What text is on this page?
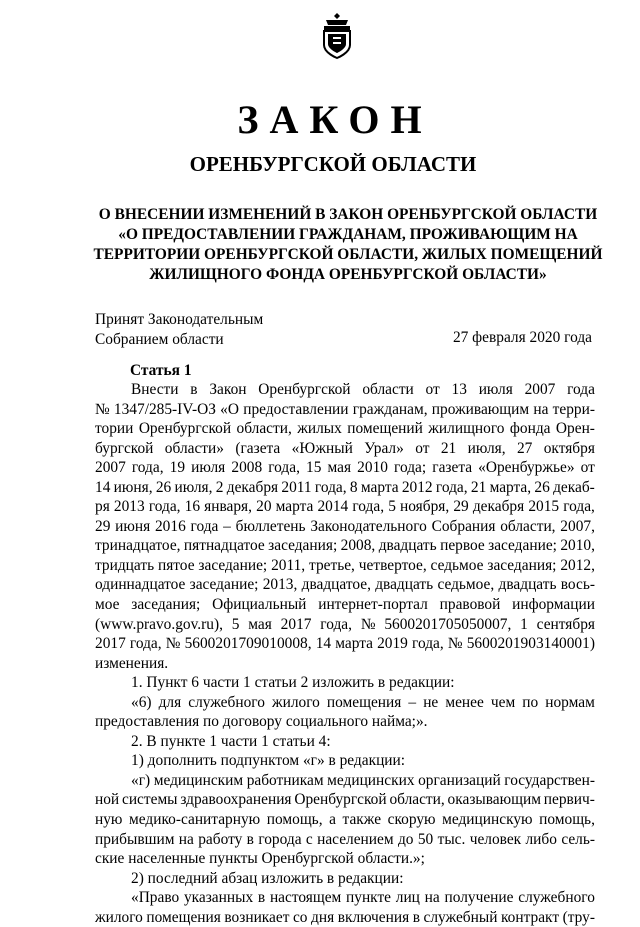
ЗАКОН
ОРЕНБУРГСКОЙ ОБЛАСТИ
О ВНЕСЕНИИ ИЗМЕНЕНИЙ В ЗАКОН ОРЕНБУРГСКОЙ ОБЛАСТИ
«О ПРЕДОСТАВЛЕНИИ ГРАЖДАНАМ, ПРОЖИВАЮЩИМ НА
ТЕРРИТОРИИ ОРЕНБУРГСКОЙ ОБЛАСТИ, ЖИЛЫХ ПОМЕЩЕНИЙ
ЖИЛИЩНОГО ФОНДА ОРЕНБУРГСКОЙ ОБЛАСТИ»
Принят Законодательным
Собранием области	27 февраля 2020 года
Статья 1
Внести в Закон Оренбургской области от 13 июля 2007 года
№ 1347/285-IV-ОЗ «О предоставлении гражданам, проживающим на терри-
тории Оренбургской области, жилых помещений жилищного фонда Орен-
бургской области» (газета «Южный Урал» от 21 июля, 27 октября
2007 года, 19 июля 2008 года, 15 мая 2010 года; газета «Оренбуржье» от
14 июня, 26 июля, 2 декабря 2011 года, 8 марта 2012 года, 21 марта, 26 декаб-
ря 2013 года, 16 января, 20 марта 2014 года, 5 ноября, 29 декабря 2015 года,
29 июня 2016 года – бюллетень Законодательного Собрания области, 2007,
тринадцатое, пятнадцатое заседания; 2008, двадцать первое заседание; 2010,
тридцать пятое заседание; 2011, третье, четвертое, седьмое заседания; 2012,
одиннадцатое заседание; 2013, двадцатое, двадцать седьмое, двадцать вось-
мое заседания; Официальный интернет-портал правовой информации
(www.pravo.gov.ru), 5 мая 2017 года, № 5600201705050007, 1 сентября
2017 года, № 5600201709010008, 14 марта 2019 года, № 5600201903140001)
изменения.
1. Пункт 6 части 1 статьи 2 изложить в редакции:
«6) для служебного жилого помещения – не менее чем по нормам
предоставления по договору социального найма;».
2. В пункте 1 части 1 статьи 4:
1) дополнить подпунктом «г» в редакции:
«г) медицинским работникам медицинских организаций государствен-
ной системы здравоохранения Оренбургской области, оказывающим первич-
ную медико-санитарную помощь, а также скорую медицинскую помощь,
прибывшим на работу в города с населением до 50 тыс. человек либо сель-
ские населенные пункты Оренбургской области.»;
2) последний абзац изложить в редакции:
«Право указанных в настоящем пункте лиц на получение служебного
жилого помещения возникает со дня включения в служебный контракт (тру-
